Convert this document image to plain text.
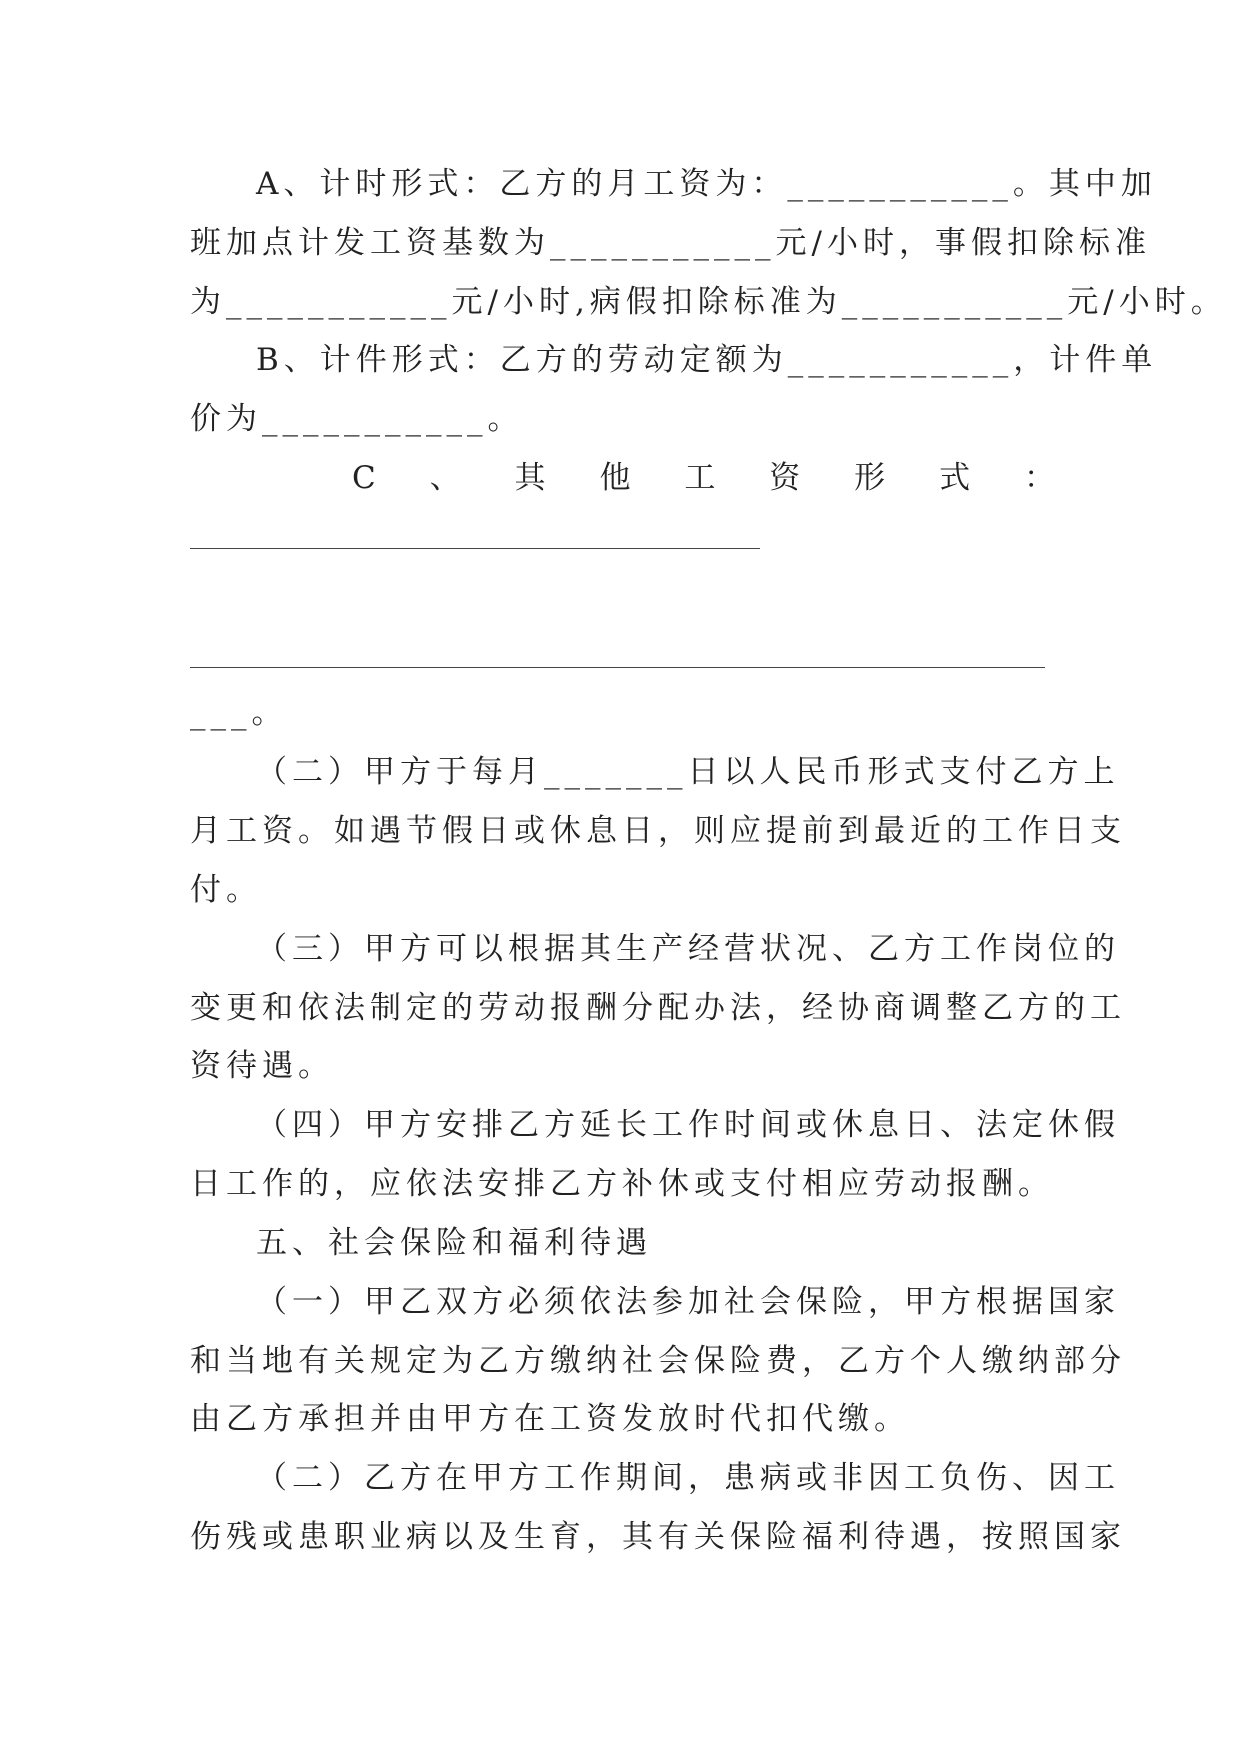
A、计时形式：乙方的月工资为：___________。其中加
班加点计发工资基数为___________元/小时，事假扣除标准
为___________元/小时,病假扣除标准为___________元/小时。
B、计件形式：乙方的劳动定额为___________，计件单
价为___________。
C 、 其 他 工 资 形 式 ：
___。
（二）甲方于每月_______日以人民币形式支付乙方上
月工资。如遇节假日或休息日，则应提前到最近的工作日支
付。
（三）甲方可以根据其生产经营状况、乙方工作岗位的
变更和依法制定的劳动报酬分配办法，经协商调整乙方的工
资待遇。
（四）甲方安排乙方延长工作时间或休息日、法定休假
日工作的，应依法安排乙方补休或支付相应劳动报酬。
五、社会保险和福利待遇
（一）甲乙双方必须依法参加社会保险，甲方根据国家
和当地有关规定为乙方缴纳社会保险费，乙方个人缴纳部分
由乙方承担并由甲方在工资发放时代扣代缴。
（二）乙方在甲方工作期间，患病或非因工负伤、因工
伤残或患职业病以及生育，其有关保险福利待遇，按照国家
